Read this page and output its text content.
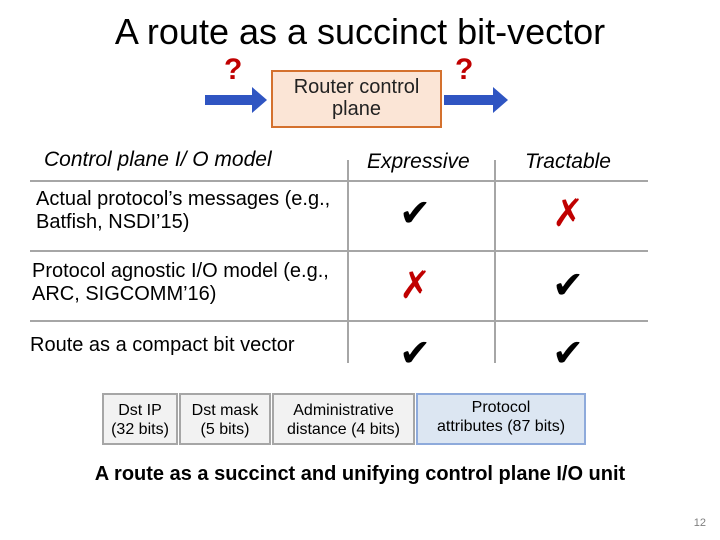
A route as a succinct bit-vector
?
Router control plane
?
Control plane I/ O model	Expressive	Tractable
Actual protocol’s messages (e.g., Batfish, NSDI’15)	✔	✗
Protocol agnostic I/O model (e.g., ARC, SIGCOMM’16)	✗	✔
Route as a compact bit vector	✔	✔
Dst IP
(32 bits)
Dst mask
(5 bits)
Administrative
distance (4 bits)
Protocol
attributes (87 bits)
A route as a succinct and unifying control plane I/O unit
12
